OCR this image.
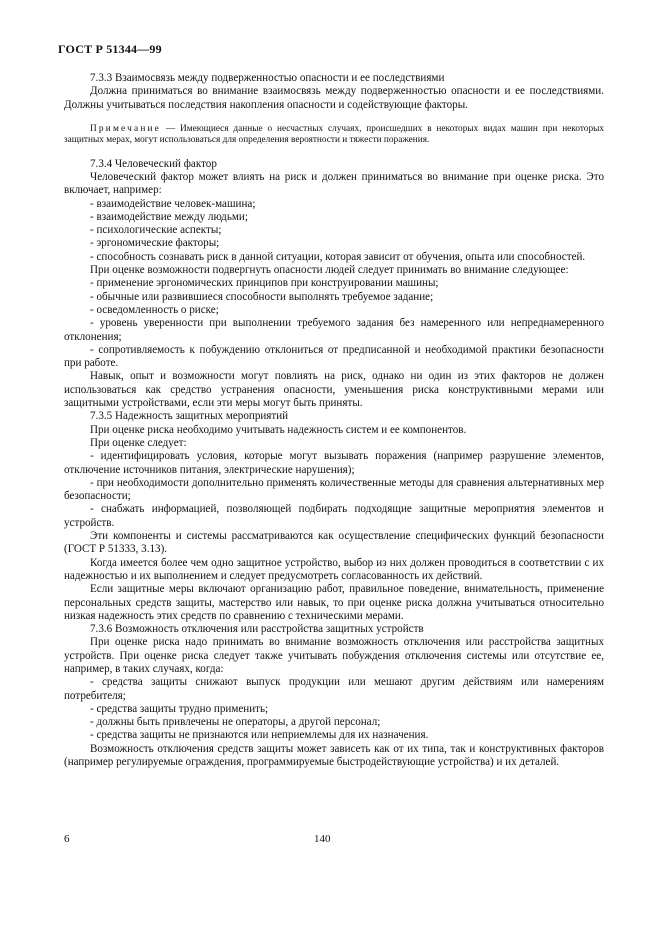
ГОСТ Р 51344—99

7.3.3 Взаимосвязь между подверженностью опасности и ее последствиями

Должна приниматься во внимание взаимосвязь между подверженностью опасности и ее последствиями. Должны учитываться последствия накопления опасности и содействующие факторы.

Примечание — Имеющиеся данные о несчастных случаях, происшедших в некоторых видах машин при некоторых защитных мерах, могут использоваться для определения вероятности и тяжести поражения.

7.3.4 Человеческий фактор

Человеческий фактор может влиять на риск и должен приниматься во внимание при оценке риска. Это включает, например:

- взаимодействие человек-машина;

- взаимодействие между людьми;

- психологические аспекты;

- эргономические факторы;

- способность сознавать риск в данной ситуации, которая зависит от обучения, опыта или способностей.

При оценке возможности подвергнуть опасности людей следует принимать во внимание следующее:

- применение эргономических принципов при конструировании машины;

- обычные или развившиеся способности выполнять требуемое задание;

- осведомленность о риске;

- уровень уверенности при выполнении требуемого задания без намеренного или непреднамеренного отклонения;

- сопротивляемость к побуждению отклониться от предписанной и необходимой практики безопасности при работе.

Навык, опыт и возможности могут повлиять на риск, однако ни один из этих факторов не должен использоваться как средство устранения опасности, уменьшения риска конструктивными мерами или защитными устройствами, если эти меры могут быть приняты.

7.3.5 Надежность защитных мероприятий

При оценке риска необходимо учитывать надежность систем и ее компонентов.

При оценке следует:

- идентифицировать условия, которые могут вызывать поражения (например разрушение элементов, отключение источников питания, электрические нарушения);

- при необходимости дополнительно применять количественные методы для сравнения альтернативных мер безопасности;

- снабжать информацией, позволяющей подбирать подходящие защитные мероприятия элементов и устройств.

Эти компоненты и системы рассматриваются как осуществление специфических функций безопасности (ГОСТ Р 51333, 3.13).

Когда имеется более чем одно защитное устройство, выбор из них должен проводиться в соответствии с их надежностью и их выполнением и следует предусмотреть согласованность их действий.

Если защитные меры включают организацию работ, правильное поведение, внимательность, применение персональных средств защиты, мастерство или навык, то при оценке риска должна учитываться относительно низкая надежность этих средств по сравнению с техническими мерами.

7.3.6 Возможность отключения или расстройства защитных устройств

При оценке риска надо принимать во внимание возможность отключения или расстройства защитных устройств. При оценке риска следует также учитывать побуждения отключения системы или отсутствие ее, например, в таких случаях, когда:

- средства защиты снижают выпуск продукции или мешают другим действиям или намерениям потребителя;

- средства защиты трудно применить;

- должны быть привлечены не операторы, а другой персонал;

- средства защиты не признаются или неприемлемы для их назначения.

Возможность отключения средств защиты может зависеть как от их типа, так и конструктивных факторов (например регулируемые ограждения, программируемые быстродействующие устройства) и их деталей.

6	140
